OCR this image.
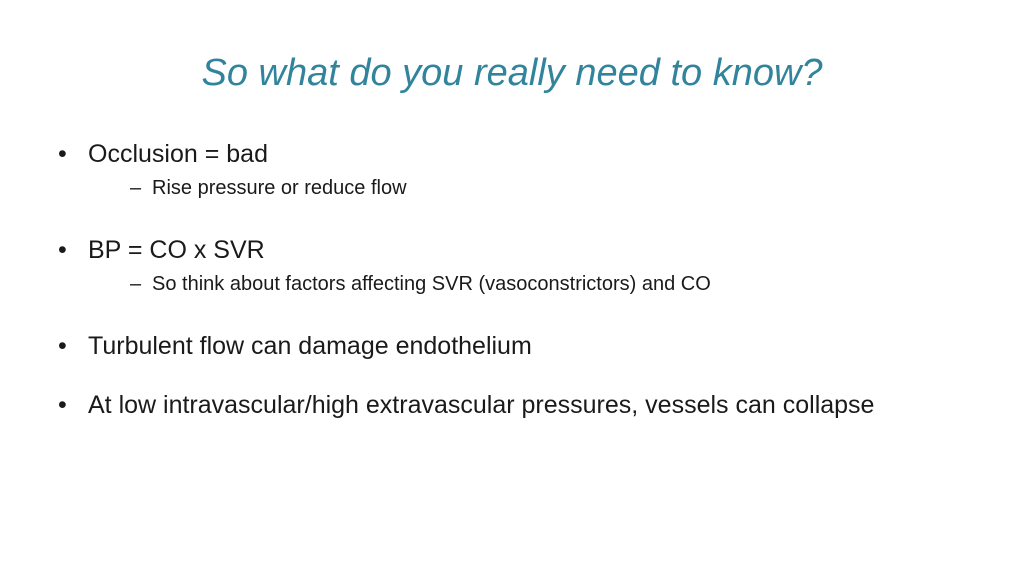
So what do you really need to know?
• Occlusion = bad
– Rise pressure or reduce flow
• BP = CO x SVR
– So think about factors affecting SVR (vasoconstrictors) and CO
• Turbulent flow can damage endothelium
• At low intravascular/high extravascular pressures, vessels can collapse
